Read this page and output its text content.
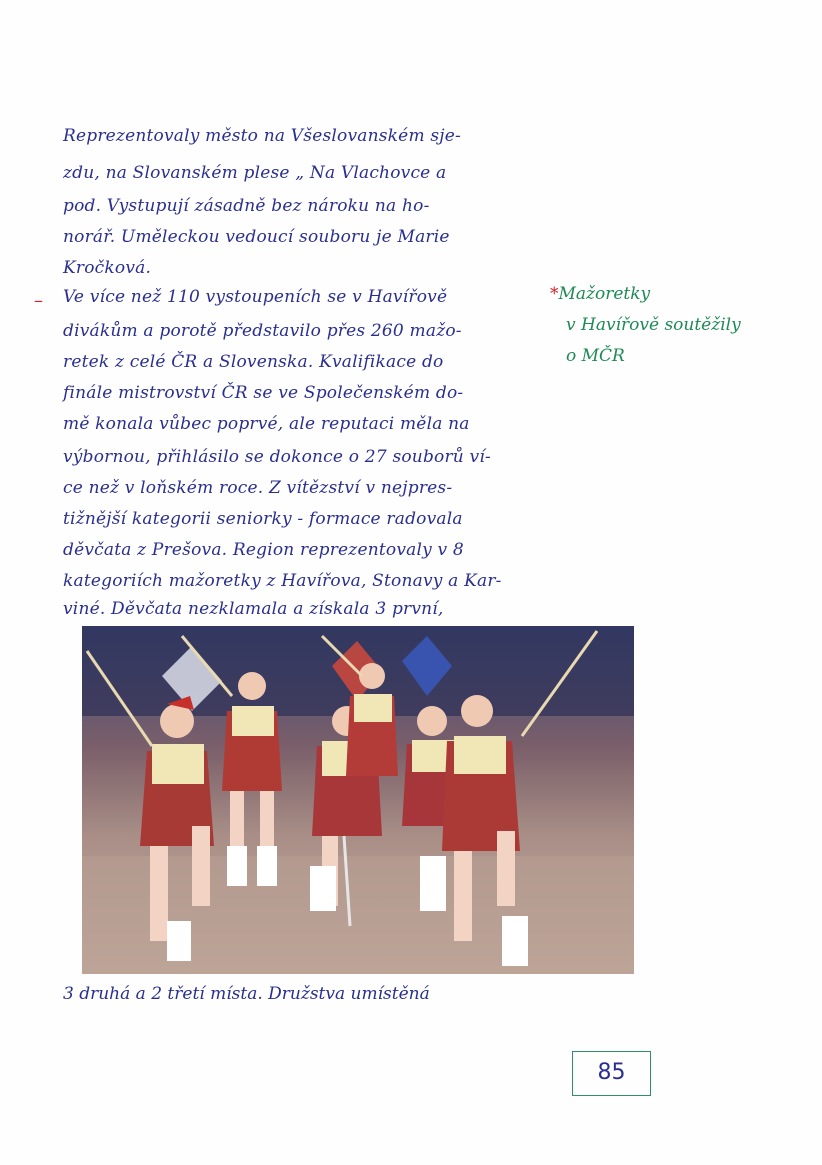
Reprezentovaly město na Všeslovanském sje-
zdu, na Slovanském plese „ Na Vlachovce a
pod. Vystupují zásadně bez nároku na ho-
norář. Uměleckou vedoucí souboru je Marie
Kročková.
– Ve více než 110 vystoupeních se v Havířově
divákům a porotě představilo přes 260 mažo-
retek z celé ČR a Slovenska. Kvalifikace do
finále mistrovství ČR se ve Společenském do-
mě konala vůbec poprvé, ale reputaci měla na
výbornou, přihlásilo se dokonce o 27 souborů ví-
ce než v loňském roce. Z vítězství v nejpres-
tižnější kategorii seniorky - formace radovala
děvčata z Prešova. Region reprezentovaly v 8
kategoriích mažoretky z Havířova, Stonavy a Kar-
viné. Děvčata nezklamala a získala 3 první,
*Mažoretky
v Havířově soutěžily
o MČR
3 druhá a 2 třetí místa. Družstva umístěná
85
